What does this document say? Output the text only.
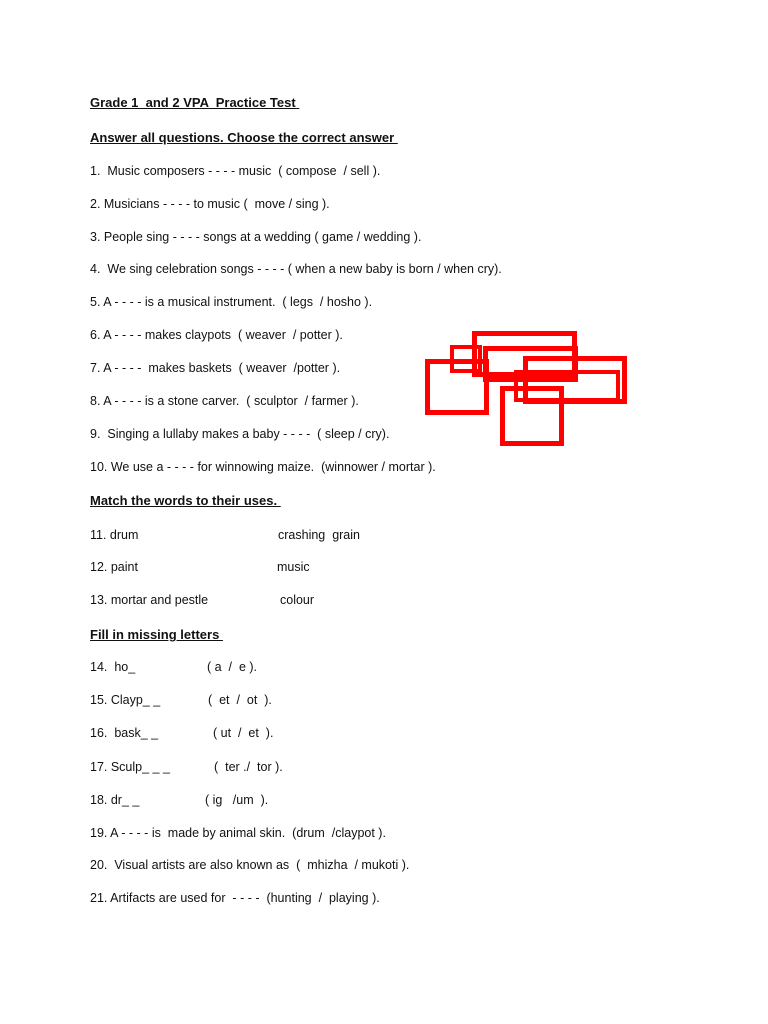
Grade 1  and 2 VPA  Practice Test
Answer all questions. Choose the correct answer
1.  Music composers - - - - music  ( compose  / sell ).
2. Musicians - - - - to music (  move / sing ).
3. People sing - - - - songs at a wedding ( game / wedding ).
4.  We sing celebration songs - - - - ( when a new baby is born / when cry).
5. A - - - - is a musical instrument.  ( legs  / hosho ).
6. A - - - - makes claypots  ( weaver  / potter ).
7. A - - - -  makes baskets  ( weaver  /potter ).
8. A - - - - is a stone carver.  ( sculptor  / farmer ).
9.  Singing a lullaby makes a baby - - - -  ( sleep / cry).
10. We use a - - - - for winnowing maize.  (winnower / mortar ).
Match the words to their uses.
11. drum	crashing  grain
12. paint	music
13. mortar and pestle	colour
Fill in missing letters
14.  ho_	( a  /  e ).
15. Clayp_ _	(  et  /  ot  ).
16.  bask_ _	( ut  /  et  ).
17. Sculp_ _ _	(  ter ./  tor ).
18. dr_ _	( ig   /um  ).
19. A - - - - is  made by animal skin.  (drum  /claypot ).
20.  Visual artists are also known as  (  mhizha  / mukoti ).
21. Artifacts are used for  - - - -  (hunting  /  playing ).
